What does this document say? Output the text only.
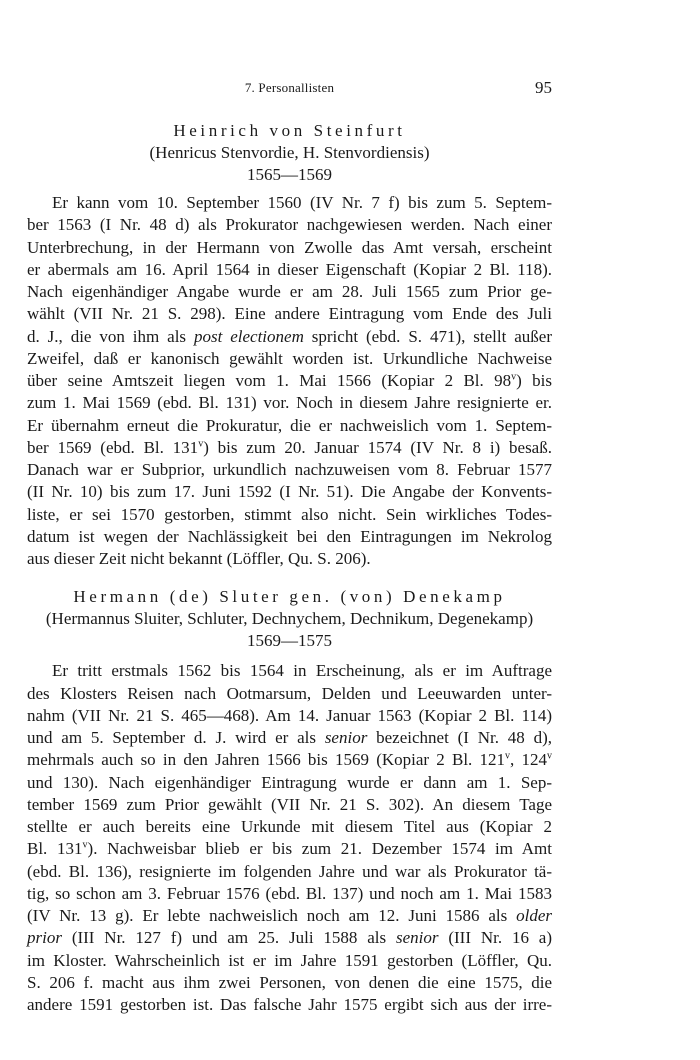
7. Personallisten	95
Heinrich von Steinfurt
(Henricus Stenvordie, H. Stenvordiensis)
1565—1569

Er kann vom 10. September 1560 (IV Nr. 7 f) bis zum 5. Septem-
ber 1563 (I Nr. 48 d) als Prokurator nachgewiesen werden. Nach einer
Unterbrechung, in der Hermann von Zwolle das Amt versah, erscheint
er abermals am 16. April 1564 in dieser Eigenschaft (Kopiar 2 Bl. 118).
Nach eigenhändiger Angabe wurde er am 28. Juli 1565 zum Prior ge-
wählt (VII Nr. 21 S. 298). Eine andere Eintragung vom Ende des Juli
d. J., die von ihm als post electionem spricht (ebd. S. 471), stellt außer
Zweifel, daß er kanonisch gewählt worden ist. Urkundliche Nachweise
über seine Amtszeit liegen vom 1. Mai 1566 (Kopiar 2 Bl. 98$^v$) bis
zum 1. Mai 1569 (ebd. Bl. 131) vor. Noch in diesem Jahre resignierte er.
Er übernahm erneut die Prokuratur, die er nachweislich vom 1. Septem-
ber 1569 (ebd. Bl. 131$^v$) bis zum 20. Januar 1574 (IV Nr. 8 i) besaß.
Danach war er Subprior, urkundlich nachzuweisen vom 8. Februar 1577
(II Nr. 10) bis zum 17. Juni 1592 (I Nr. 51). Die Angabe der Konvents-
liste, er sei 1570 gestorben, stimmt also nicht. Sein wirkliches Todes-
datum ist wegen der Nachlässigkeit bei den Eintragungen im Nekrolog
aus dieser Zeit nicht bekannt (Löffler, Qu. S. 206).

Hermann (de) Sluter gen. (von) Denekamp
(Hermannus Sluiter, Schluter, Dechnychem, Dechnikum, Degenekamp)
1569—1575

Er tritt erstmals 1562 bis 1564 in Erscheinung, als er im Auftrage
des Klosters Reisen nach Ootmarsum, Delden und Leeuwarden unter-
nahm (VII Nr. 21 S. 465—468). Am 14. Januar 1563 (Kopiar 2 Bl. 114)
und am 5. September d. J. wird er als senior bezeichnet (I Nr. 48 d),
mehrmals auch so in den Jahren 1566 bis 1569 (Kopiar 2 Bl. 121$^v$, 124$^v$
und 130). Nach eigenhändiger Eintragung wurde er dann am 1. Sep-
tember 1569 zum Prior gewählt (VII Nr. 21 S. 302). An diesem Tage
stellte er auch bereits eine Urkunde mit diesem Titel aus (Kopiar 2
Bl. 131$^v$). Nachweisbar blieb er bis zum 21. Dezember 1574 im Amt
(ebd. Bl. 136), resignierte im folgenden Jahre und war als Prokurator tä-
tig, so schon am 3. Februar 1576 (ebd. Bl. 137) und noch am 1. Mai 1583
(IV Nr. 13 g). Er lebte nachweislich noch am 12. Juni 1586 als older
prior (III Nr. 127 f) und am 25. Juli 1588 als senior (III Nr. 16 a)
im Kloster. Wahrscheinlich ist er im Jahre 1591 gestorben (Löffler, Qu.
S. 206 f. macht aus ihm zwei Personen, von denen die eine 1575, die
andere 1591 gestorben ist. Das falsche Jahr 1575 ergibt sich aus der irre-
